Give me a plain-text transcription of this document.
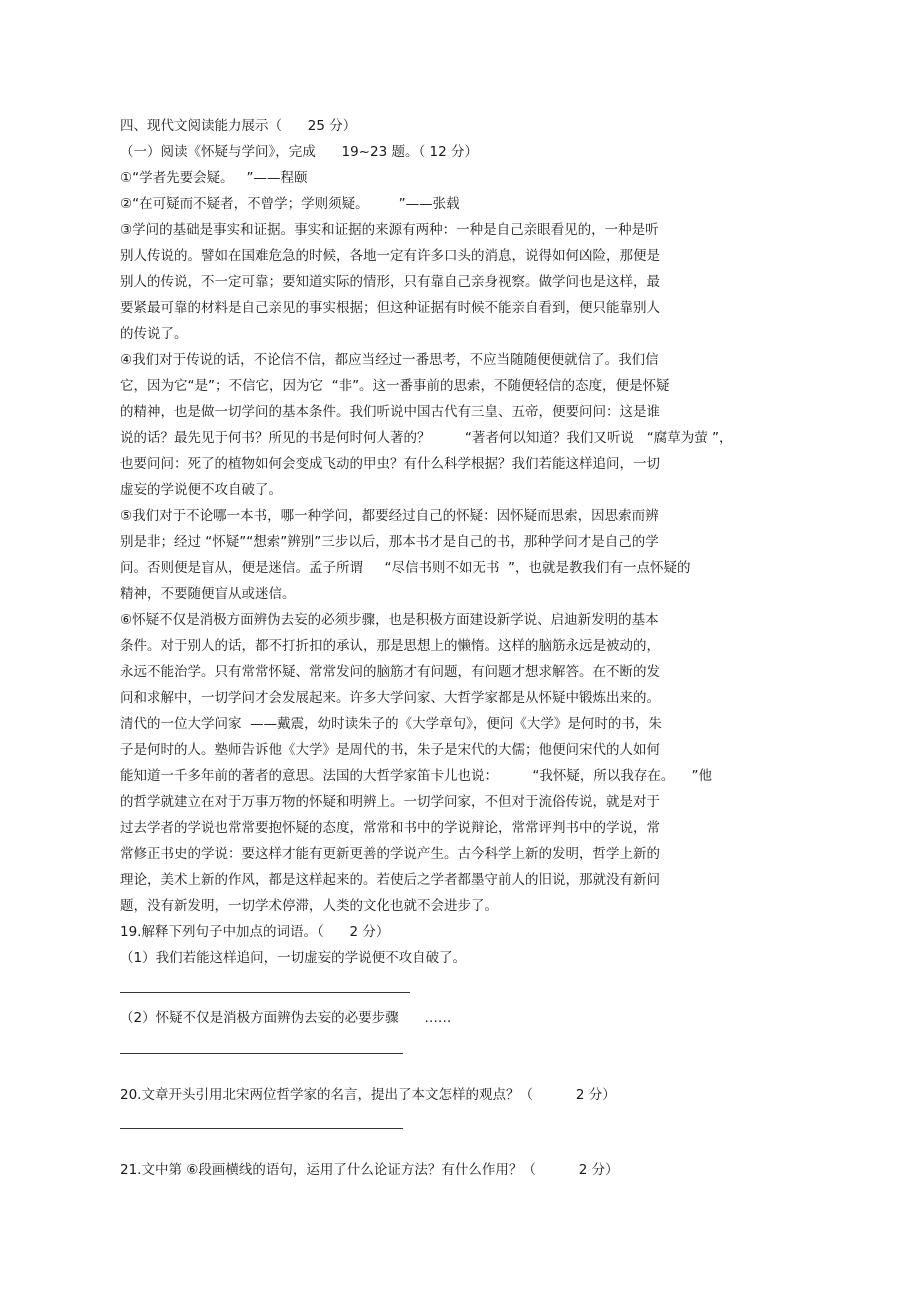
四、现代文阅读能力展示（      25 分）

（一）阅读《怀疑与学问》，完成      19~23 题。（ 12 分）

①“学者先要会疑。   ”——程颐

②“在可疑而不疑者，不曾学；学则须疑。       ”——张载

③学问的基础是事实和证据。事实和证据的来源有两种：一种是自己亲眼看见的，一种是听

别人传说的。譬如在国难危急的时候，各地一定有许多口头的消息，说得如何凶险，那便是

别人的传说，不一定可靠；要知道实际的情形，只有靠自己亲身视察。做学问也是这样，最

要紧最可靠的材料是自己亲见的事实根据；但这种证据有时候不能亲自看到，便只能靠别人

的传说了。

④我们对于传说的话，不论信不信，都应当经过一番思考，不应当随随便便就信了。我们信

它，因为它“是”；不信它，因为它  “非”。这一番事前的思索，不随便轻信的态度，便是怀疑

的精神，也是做一切学问的基本条件。我们听说中国古代有三皇、五帝，便要问问：这是谁

说的话？最先见于何书？所见的书是何时何人著的？        “著者何以知道？我们又听说   “腐草为萤 ”，

也要问问：死了的植物如何会变成飞动的甲虫？有什么科学根据？我们若能这样追问，一切

虚妄的学说便不攻自破了。

⑤我们对于不论哪一本书，哪一种学问，都要经过自己的怀疑：因怀疑而思索，因思索而辨

别是非；经过 “怀疑”“想索”辨别”三步以后，那本书才是自己的书，那种学问才是自己的学

问。否则便是盲从，便是迷信。孟子所谓     “尽信书则不如无书  ”，也就是教我们有一点怀疑的

精神，不要随便盲从或迷信。

⑥怀疑不仅是消极方面辨伪去妄的必须步骤，也是积极方面建设新学说、启迪新发明的基本

条件。对于别人的话，都不打折扣的承认，那是思想上的懒惰。这样的脑筋永远是被动的，

永远不能治学。只有常常怀疑、常常发问的脑筋才有问题，有问题才想求解答。在不断的发

问和求解中，一切学问才会发展起来。许多大学问家、大哲学家都是从怀疑中锻炼出来的。

清代的一位大学问家  ——戴震，幼时读朱子的《大学章句》，便问《大学》是何时的书，朱

子是何时的人。塾师告诉他《大学》是周代的书，朱子是宋代的大儒；他便问宋代的人如何

能知道一千多年前的著者的意思。法国的大哲学家笛卡儿也说：        “我怀疑，所以我存在。    ”他

的哲学就建立在对于万事万物的怀疑和明辨上。一切学问家，不但对于流俗传说，就是对于

过去学者的学说也常常要抱怀疑的态度，常常和书中的学说辩论，常常评判书中的学说，常

常修正书史的学说：要这样才能有更新更善的学说产生。古今科学上新的发明，哲学上新的

理论，美术上新的作风，都是这样起来的。若使后之学者都墨守前人的旧说，那就没有新问

题，没有新发明，一切学术停滞，人类的文化也就不会进步了。

19.解释下列句子中加点的词语。（      2 分）

（1）我们若能这样追问，一切虚妄的学说便不攻自破了。

（2）怀疑不仅是消极方面辨伪去妄的必要步骤      ……

20.文章开头引用北宋两位哲学家的名言，提出了本文怎样的观点？（          2 分）

21.文中第 ⑥段画横线的语句，运用了什么论证方法？有什么作用？（          2 分）
